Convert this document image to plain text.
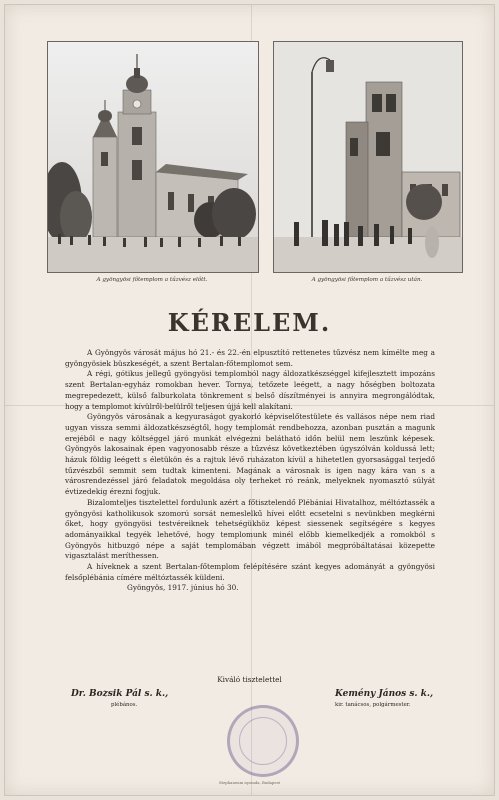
A gyöngyösi főtemplom a tűzvész előtt.	A gyöngyösi főtemplom a tűzvész után.
KÉRELEM.

A Gyöngyös városát május hó 21.- és 22.-én elpusztító rettenetes tűzvész nem kímélte meg a gyöngyösiek büszkeségét, a szent Bertalan-főtemplomot sem.

A régi, gótikus jellegű gyöngyösi templomból nagy áldozatkészséggel kifejlesztett impozáns szent Bertalan-egyház romokban hever. Tornya, tetőzete leégett, a nagy hőségben boltozata megrepedezett, külső falburkolata tönkrement s belső díszítményei is annyira megrongálódtak, hogy a templomot kívülről-belülről teljesen újjá kell alakítani.

Gyöngyös városának a kegyuraságot gyakorló képviselőtestülete és vallásos népe nem riad ugyan vissza semmi áldozatkészségtől, hogy templomát rendbehozza, azonban pusztán a magunk erejéből e nagy költséggel járó munkát elvégezni belátható időn belül nem leszünk képesek. Gyöngyös lakosainak épen vagyonosabb része a tűzvész következtében úgyszólván koldussá lett; házuk földig leégett s életükön és a rajtuk lévő ruházaton kívül a hihetetlen gyorsasággal terjedő tűzvészből semmit sem tudtak kimenteni. Magának a városnak is igen nagy kára van s a városrendezéssel járó feladatok megoldása oly terheket ró reánk, melyeknek nyomasztó súlyát évtizedekig érezni fogjuk.

Bizalomteljes tisztelettel fordulunk azért a főtisztelendő Plébániai Hivatalhoz, méltóztassék a gyöngyösi katholikusok szomorú sorsát nemeslelkű hívei előtt ecsetelni s nevünkben megkérni őket, hogy gyöngyösi testvéreiknek tehetségükhöz képest siessenek segítségére s kegyes adományaikkal tegyék lehetővé, hogy templomunk minél előbb kiemelkedjék a romokból s Gyöngyös hitbuzgó népe a saját templomában végzett imából megpróbáltatásai közepette vigasztalást meríthessen.

A híveknek a szent Bertalan-főtemplom felépítésére szánt kegyes adományát a gyöngyösi felsőplébánia címére méltóztassék küldeni.

Gyöngyös, 1917. június hó 30.

Kiváló tisztelettel
Dr. Bozsik Pál s. k.,
plébános.
Kemény János s. k.,
kir. tanácsos, polgármester.
Stephaneum nyomda, Budapest
